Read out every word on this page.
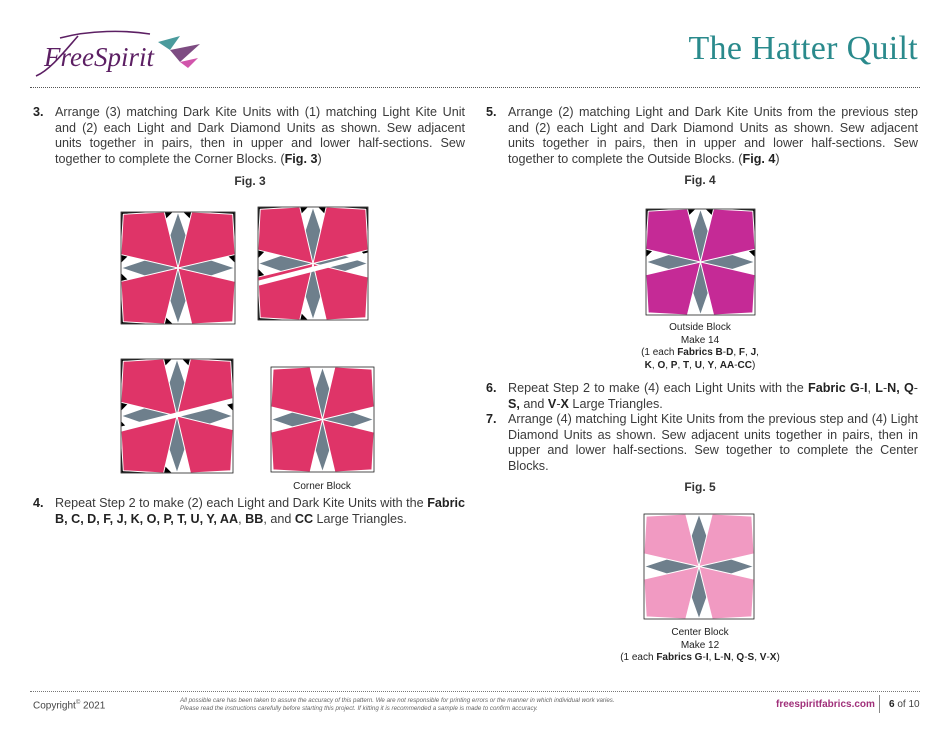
FreeSpirit	The Hatter Quilt
3. Arrange (3) matching Dark Kite Units with (1) matching Light Kite Unit and (2) each Light and Dark Diamond Units as shown. Sew adjacent units together in pairs, then in upper and lower half-sections. Sew together to complete the Corner Blocks. (Fig. 3)
4. Repeat Step 2 to make (2) each Light and Dark Kite Units with the Fabric B, C, D, F, J, K, O, P, T, U, Y, AA, BB, and CC Large Triangles.
5. Arrange (2) matching Light and Dark Kite Units from the previous step and (2) each Light and Dark Diamond Units as shown. Sew adjacent units together in pairs, then in upper and lower half-sections. Sew together to complete the Outside Blocks. (Fig. 4)
6. Repeat Step 2 to make (4) each Light Units with the Fabric G-I, L-N, Q-S, and V-X Large Triangles.
7. Arrange (4) matching Light Kite Units from the previous step and (4) Light Diamond Units as shown. Sew adjacent units together in pairs, then in upper and lower half-sections. Sew together to complete the Center Blocks.
Fig. 3	Fig. 4
Fig. 5
Corner Block
Outside Block
Make 14
(1 each Fabrics B-D, F, J,
K, O, P, T, U, Y, AA-CC)
Center Block
Make 12
(1 each Fabrics G-I, L-N, Q-S, V-X)
Copyright© 2021	All possible care has been taken to assure the accuracy of this pattern. We are not responsible for printing errors or the manner in which individual work varies.
Please read the instructions carefully before starting this project. If kitting it is recommended a sample is made to confirm accuracy.	freespiritfabrics.com 6 of 10
